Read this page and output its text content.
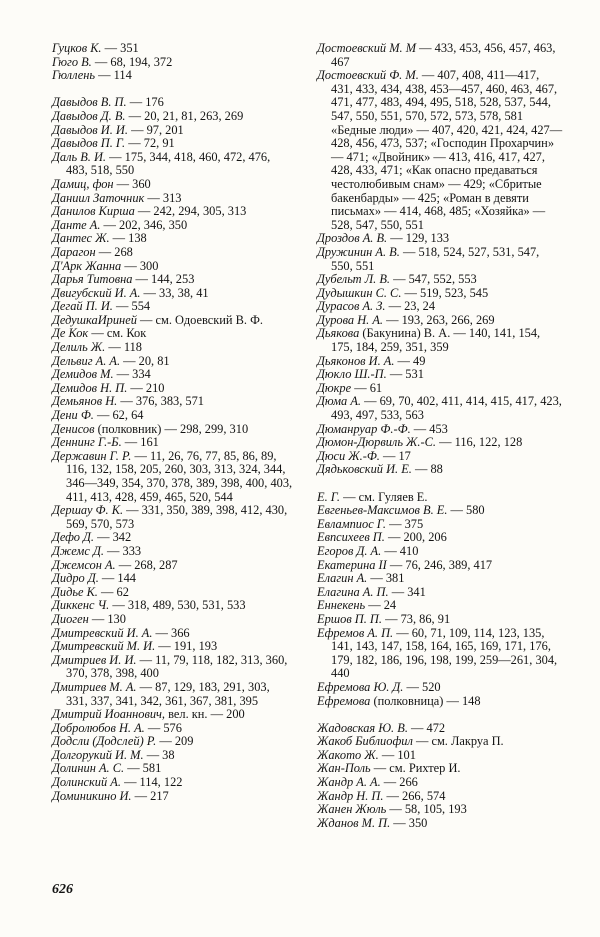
Гуцков К. — 351
Гюго В. — 68, 194, 372
Гюллень — 114
Давыдов В. П. — 176
Давыдов Д. В. — 20, 21, 81, 263, 269
Давыдов И. И. — 97, 201
Давыдов П. Г. — 72, 91
Даль В. И. — 175, 344, 418, 460, 472, 476, 483, 518, 550
Дамиц, фон — 360
Даниил Заточник — 313
Данилов Кирша — 242, 294, 305, 313
Данте А. — 202, 346, 350
Дантес Ж. — 138
Дарагон — 268
Д'Арк Жанна — 300
Дарья Титовна — 144, 253
Двигубский И. А. — 33, 38, 41
Дегай П. И. — 554
ДедушкаИриней — см. Одоевский В. Ф.
Де Кок — см. Кок
Делиль Ж. — 118
Дельвиг А. А. — 20, 81
Демидов М. — 334
Демидов Н. П. — 210
Демьянов Н. — 376, 383, 571
Дени Ф. — 62, 64
Денисов (полковник) — 298, 299, 310
Деннинг Г.-Б. — 161
Державин Г. Р. — 11, 26, 76, 77, 85, 86, 89, 116, 132, 158, 205, 260, 303, 313, 324, 344, 346—349, 354, 370, 378, 389, 398, 400, 403, 411, 413, 428, 459, 465, 520, 544
Дершау Ф. К. — 331, 350, 389, 398, 412, 430, 569, 570, 573
Дефо Д. — 342
Джемс Д. — 333
Джемсон А. — 268, 287
Дидро Д. — 144
Дидье К. — 62
Диккенс Ч. — 318, 489, 530, 531, 533
Диоген — 130
Дмитревский И. А. — 366
Дмитревский М. И. — 191, 193
Дмитриев И. И. — 11, 79, 118, 182, 313, 360, 370, 378, 398, 400
Дмитриев М. А. — 87, 129, 183, 291, 303, 331, 337, 341, 342, 361, 367, 381, 395
Дмитрий Иоаннович, вел. кн. — 200
Добролюбов Н. А. — 576
Додсли (Додслей) Р. — 209
Долгорукий И. М. — 38
Долинин А. С. — 581
Долинский А. — 114, 122
Доминикино И. — 217
Достоевский М. М — 433, 453, 456, 457, 463, 467
Достоевский Ф. М. — 407, 408, 411—417, 431, 433, 434, 438, 453—457, 460, 463, 467, 471, 477, 483, 494, 495, 518, 528, 537, 544, 547, 550, 551, 570, 572, 573, 578, 581 «Бедные люди» — 407, 420, 421, 424, 427—428, 456, 473, 537; «Господин Прохарчин» — 471; «Двойник» — 413, 416, 417, 427, 428, 433, 471; «Как опасно предаваться честолюбивым снам» — 429; «Сбритые бакенбарды» — 425; «Роман в девяти письмах» — 414, 468, 485; «Хозяйка» — 528, 547, 550, 551
Дроздов А. В. — 129, 133
Дружинин А. В. — 518, 524, 527, 531, 547, 550, 551
Дубельт Л. В. — 547, 552, 553
Дудышкин С. С. — 519, 523, 545
Дурасов А. З. — 23, 24
Дурова Н. А. — 193, 263, 266, 269
Дьякова (Бакунина) В. А. — 140, 141, 154, 175, 184, 259, 351, 359
Дьяконов И. А. — 49
Дюкло Ш.-П. — 531
Дюкре — 61
Дюма А. — 69, 70, 402, 411, 414, 415, 417, 423, 493, 497, 533, 563
Дюманруар Ф.-Ф. — 453
Дюмон-Дюрвиль Ж.-С. — 116, 122, 128
Дюси Ж.-Ф. — 17
Дядьковский И. Е. — 88
Е. Г. — см. Гуляев Е.
Евгеньев-Максимов В. Е. — 580
Евлампиос Г. — 375
Евпсихеев П. — 200, 206
Егоров Д. А. — 410
Екатерина II — 76, 246, 389, 417
Елагин А. — 381
Елагина А. П. — 341
Еннекень — 24
Ершов П. П. — 73, 86, 91
Ефремов А. П. — 60, 71, 109, 114, 123, 135, 141, 143, 147, 158, 164, 165, 169, 171, 176, 179, 182, 186, 196, 198, 199, 259—261, 304, 440
Ефремова Ю. Д. — 520
Ефремова (полковница) — 148
Жадовская Ю. В. — 472
Жакоб Библиофил — см. Лакруа П.
Жакото Ж. — 101
Жан-Поль — см. Рихтер И.
Жандр А. А. — 266
Жандр Н. П. — 266, 574
Жанен Жюль — 58, 105, 193
Жданов М. П. — 350
626
